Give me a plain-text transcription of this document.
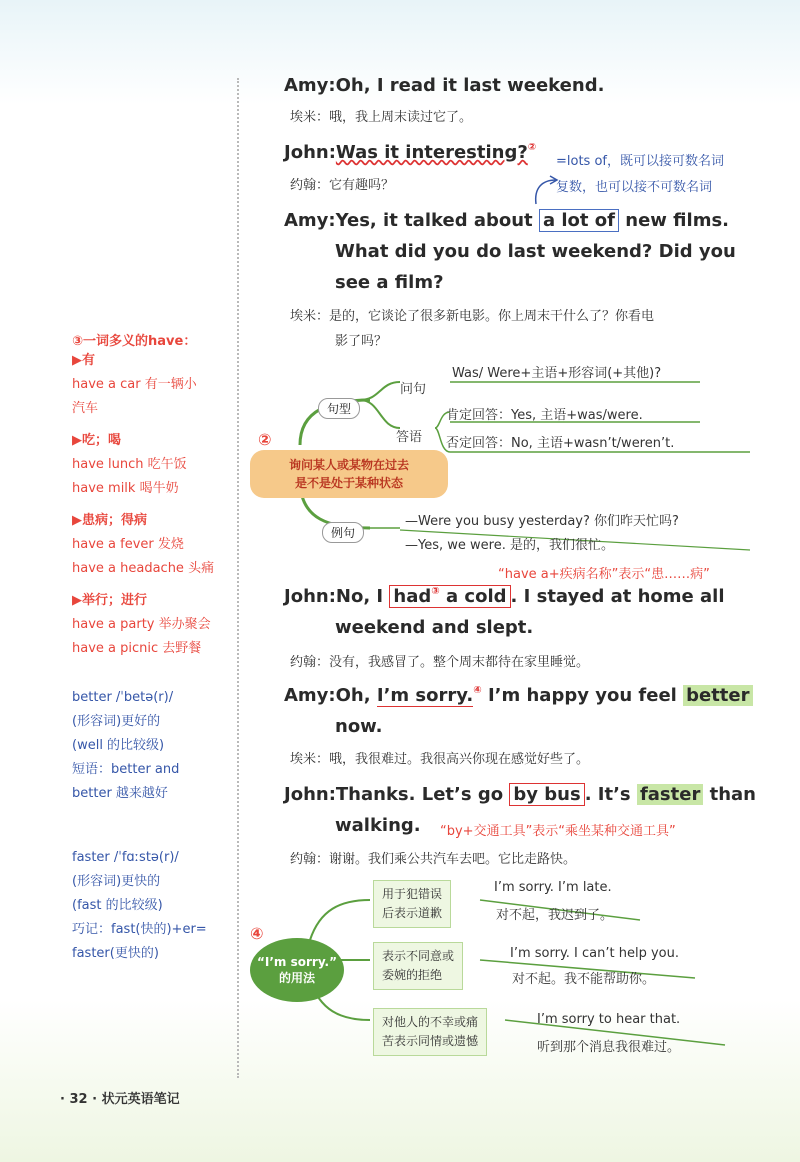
Amy:Oh, I read it last weekend.
埃米：哦，我上周末读过它了。
John:Was it interesting?②
约翰：它有趣吗？
=lots of，既可以接可数名词
复数，也可以接不可数名词
Amy:Yes, it talked about a lot of new films.
What did you do last weekend? Did you
see a film?
埃米：是的，它谈论了很多新电影。你上周末干什么了？你看电
影了吗？
②
询问某人或某物在过去
是不是处于某种状态
句型
例句
问句
Was/ Were+主语+形容词(+其他)?
答语
肯定回答：Yes, 主语+was/were.
否定回答：No, 主语+wasn’t/weren’t.
—Were you busy yesterday? 你们昨天忙吗?
—Yes, we were. 是的，我们很忙。
“have a+疾病名称”表示“患……病”
John:No, I had③ a cold . I stayed at home all
weekend and slept.
约翰：没有，我感冒了。整个周末都待在家里睡觉。
Amy:Oh, I’m sorry.④ I’m happy you feel better
now.
埃米：哦，我很难过。我很高兴你现在感觉好些了。
John:Thanks. Let’s go by bus . It’s faster than
walking. “by+交通工具”表示“乘坐某种交通工具”
约翰：谢谢。我们乘公共汽车去吧。它比走路快。
④
“I’m sorry.”
的用法
用于犯错误
后表示道歉
I’m sorry. I’m late.
对不起，我迟到了。
表示不同意或
委婉的拒绝
I’m sorry. I can’t help you.
对不起。我不能帮助你。
对他人的不幸或痛
苦表示同情或遗憾
I’m sorry to hear that.
听到那个消息我很难过。
③一词多义的have：
▶有
have a car 有一辆小
汽车
▶吃；喝
have lunch 吃午饭
have milk 喝牛奶
▶患病；得病
have a fever 发烧
have a headache 头痛
▶举行；进行
have a party 举办聚会
have a picnic 去野餐
better /ˈbetə(r)/
(形容词)更好的
(well 的比较级)
短语：better and
better 越来越好
faster /ˈfɑːstə(r)/
(形容词)更快的
(fast 的比较级)
巧记：fast(快的)+er=
faster(更快的)
· 32 · 状元英语笔记
